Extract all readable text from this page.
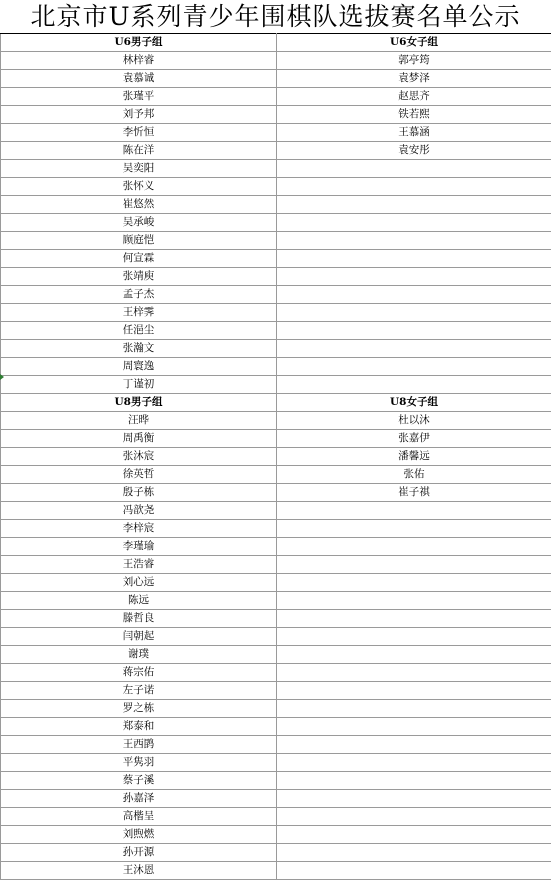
北京市U系列青少年围棋队选拔赛名单公示
U6男子组	U6女子组
林梓睿	郭亭筠
袁慕诚	袁梦泽
张瑾平	赵思齐
刘予邦	铁若熙
李忻恒	王慕涵
陈在洋	袁安彤
吴奕阳	
张怀义	
崔悠然	
吴承峻	
顾庭恺	
何宣霖	
张靖庾	
孟子杰	
王梓霁	
任浥尘	
张瀚文	
周寰逸	
丁谨初	
U8男子组	U8女子组
汪晔	杜以沐
周禹衡	张嘉伊
张沐宸	潘馨远
徐英哲	张佑
殷子栋	崔子祺
冯歆尧	
李梓宸	
李瑾瑜	
王浩睿	
刘心远	
陈远	
滕哲良	
闫朝起	
谢璞	
蒋宗佑	
左子诺	
罗之栋	
郑泰和	
王西鹍	
平隽羽	
蔡子溪	
孙嘉泽	
高楷呈	
刘煦燃	
孙开源	
王沐恩	
